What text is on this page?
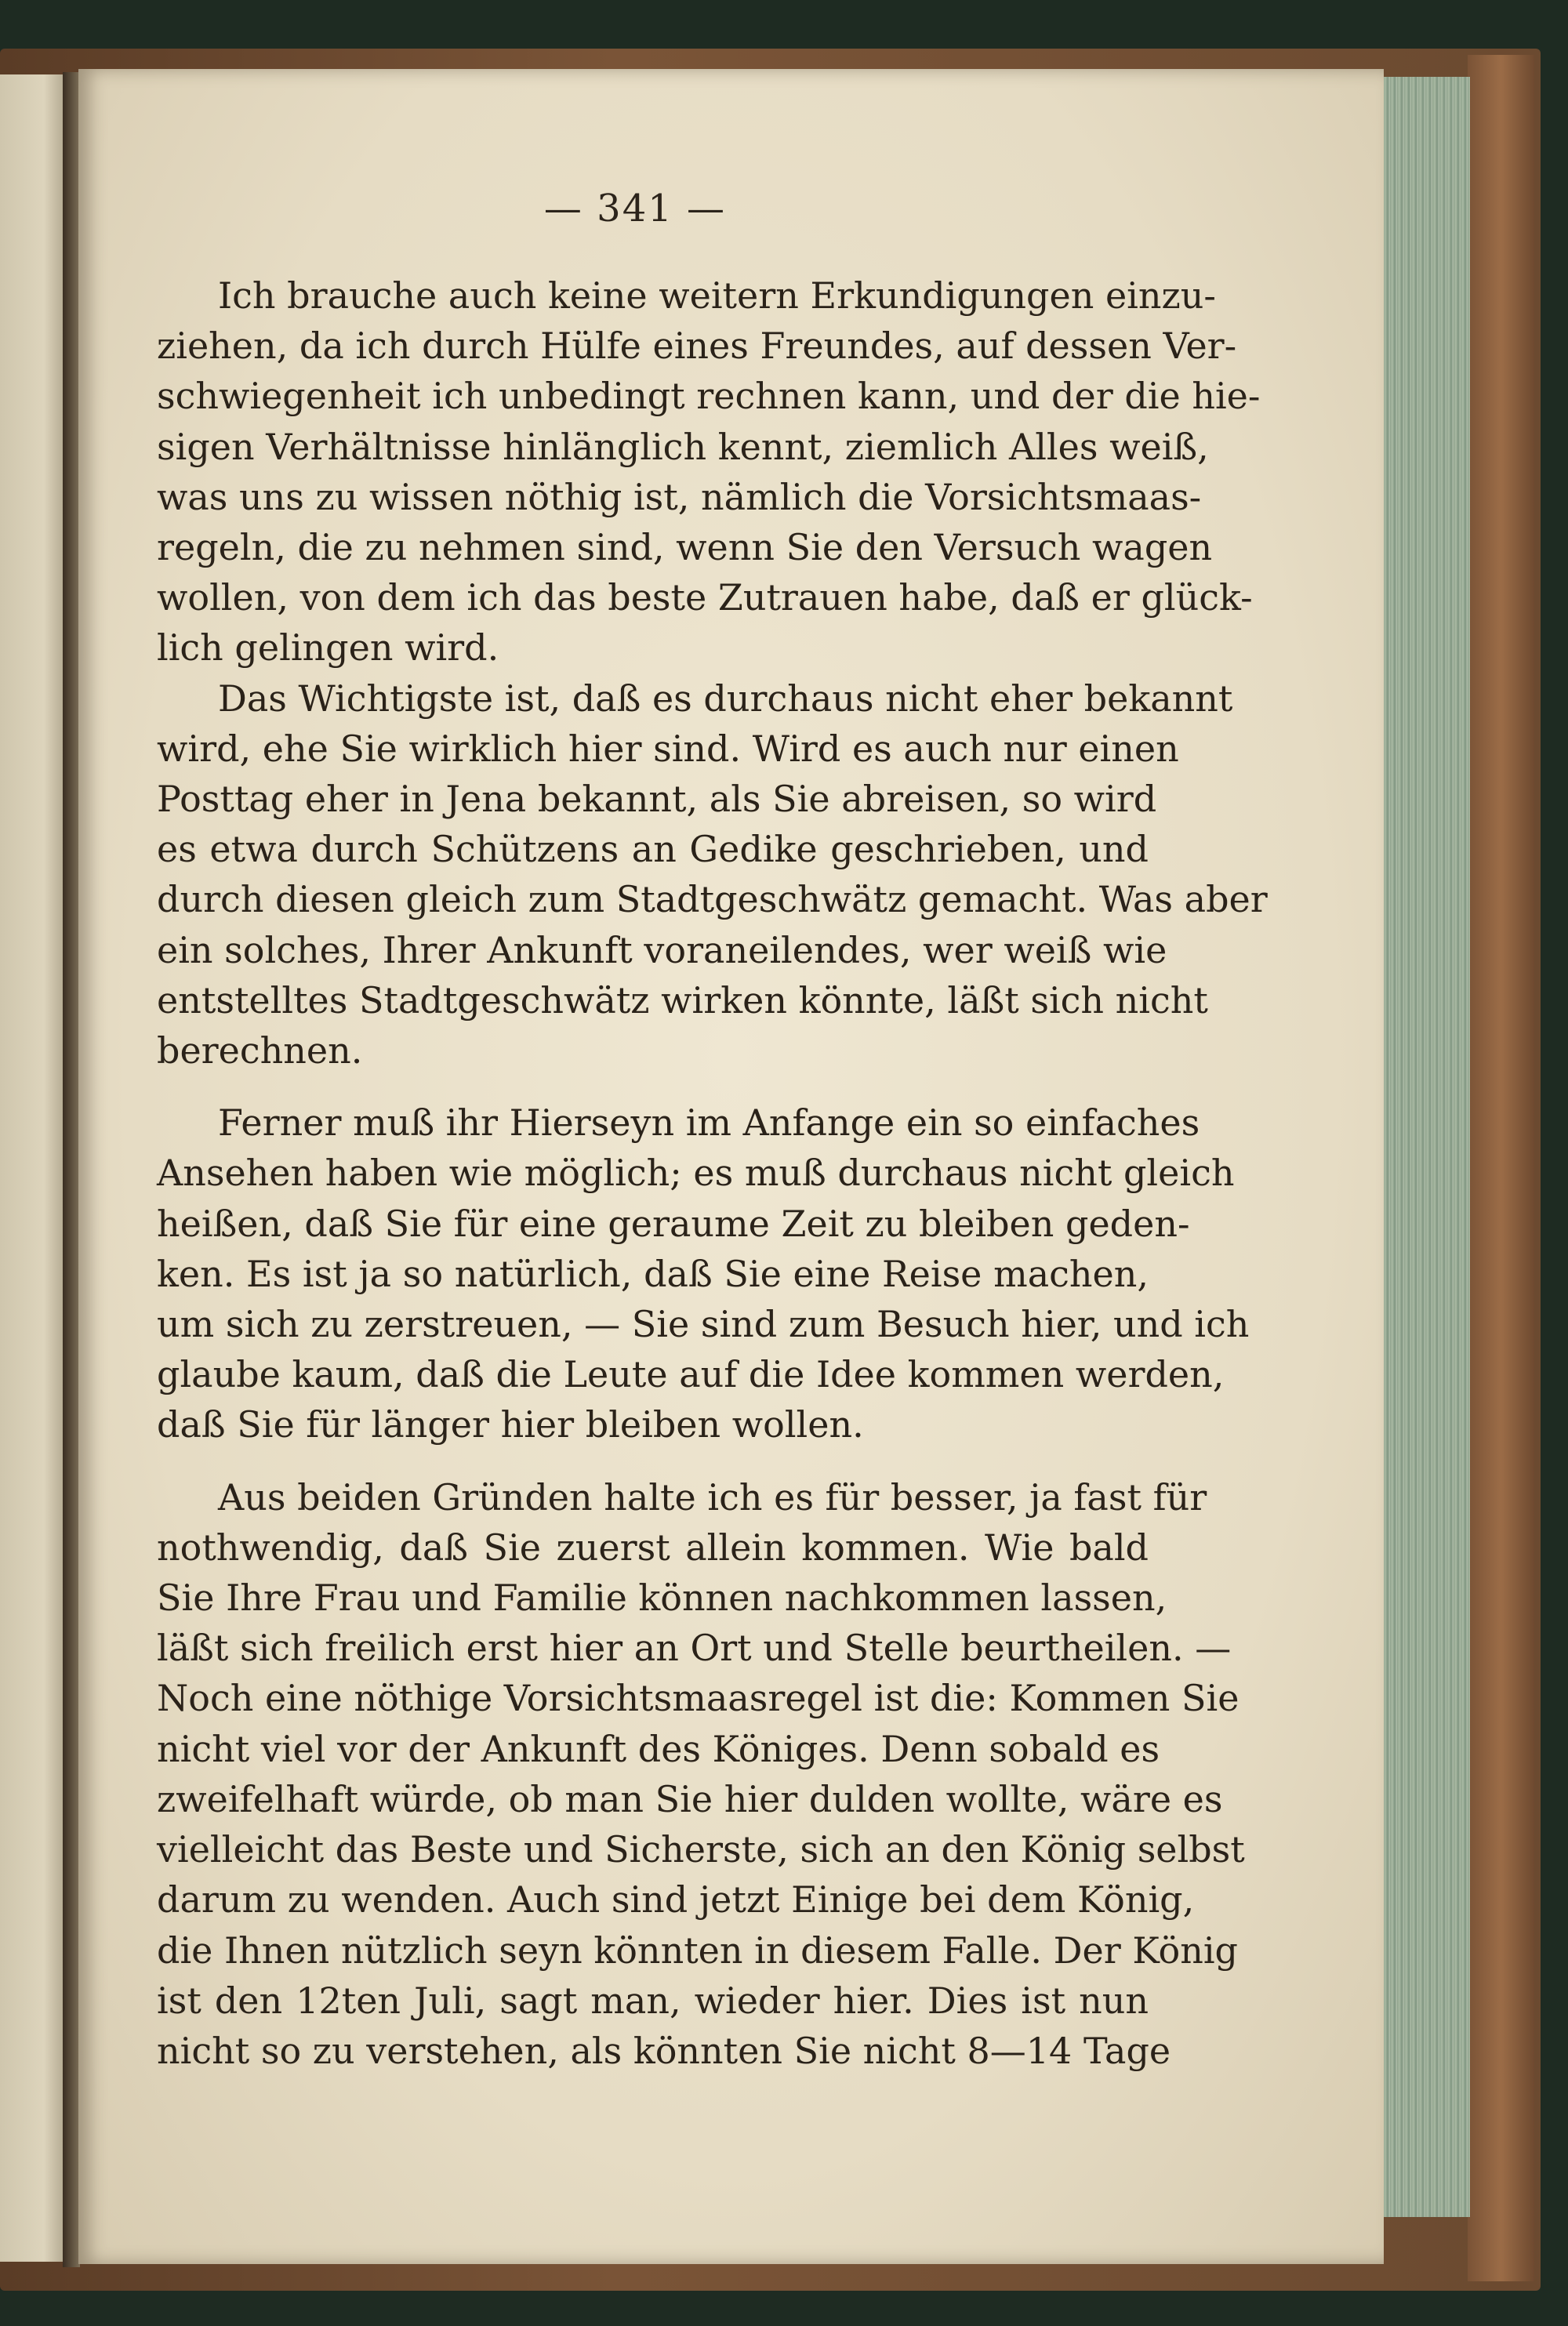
— 341 —

Ich brauche auch keine weitern Erkundigungen einzu-
ziehen, da ich durch Hülfe eines Freundes, auf dessen Ver-
schwiegenheit ich unbedingt rechnen kann, und der die hie-
sigen Verhältnisse hinlänglich kennt, ziemlich Alles weiß,
was uns zu wissen nöthig ist, nämlich die Vorsichtsmaas-
regeln, die zu nehmen sind, wenn Sie den Versuch wagen
wollen, von dem ich das beste Zutrauen habe, daß er glück-
lich gelingen wird.

Das Wichtigste ist, daß es durchaus nicht eher bekannt
wird, ehe Sie wirklich hier sind. Wird es auch nur einen
Posttag eher in Jena bekannt, als Sie abreisen, so wird
es etwa durch Schützens an Gedike geschrieben, und
durch diesen gleich zum Stadtgeschwätz gemacht. Was aber
ein solches, Ihrer Ankunft voraneilendes, wer weiß wie
entstelltes Stadtgeschwätz wirken könnte, läßt sich nicht
berechnen.

Ferner muß ihr Hierseyn im Anfange ein so einfaches
Ansehen haben wie möglich; es muß durchaus nicht gleich
heißen, daß Sie für eine geraume Zeit zu bleiben geden-
ken. Es ist ja so natürlich, daß Sie eine Reise machen,
um sich zu zerstreuen, — Sie sind zum Besuch hier, und ich
glaube kaum, daß die Leute auf die Idee kommen werden,
daß Sie für länger hier bleiben wollen.

Aus beiden Gründen halte ich es für besser, ja fast für
nothwendig, daß Sie zuerst allein kommen. Wie bald
Sie Ihre Frau und Familie können nachkommen lassen,
läßt sich freilich erst hier an Ort und Stelle beurtheilen. —
Noch eine nöthige Vorsichtsmaasregel ist die: Kommen Sie
nicht viel vor der Ankunft des Königes. Denn sobald es
zweifelhaft würde, ob man Sie hier dulden wollte, wäre es
vielleicht das Beste und Sicherste, sich an den König selbst
darum zu wenden. Auch sind jetzt Einige bei dem König,
die Ihnen nützlich seyn könnten in diesem Falle. Der König
ist den 12ten Juli, sagt man, wieder hier. Dies ist nun
nicht so zu verstehen, als könnten Sie nicht 8—14 Tage
